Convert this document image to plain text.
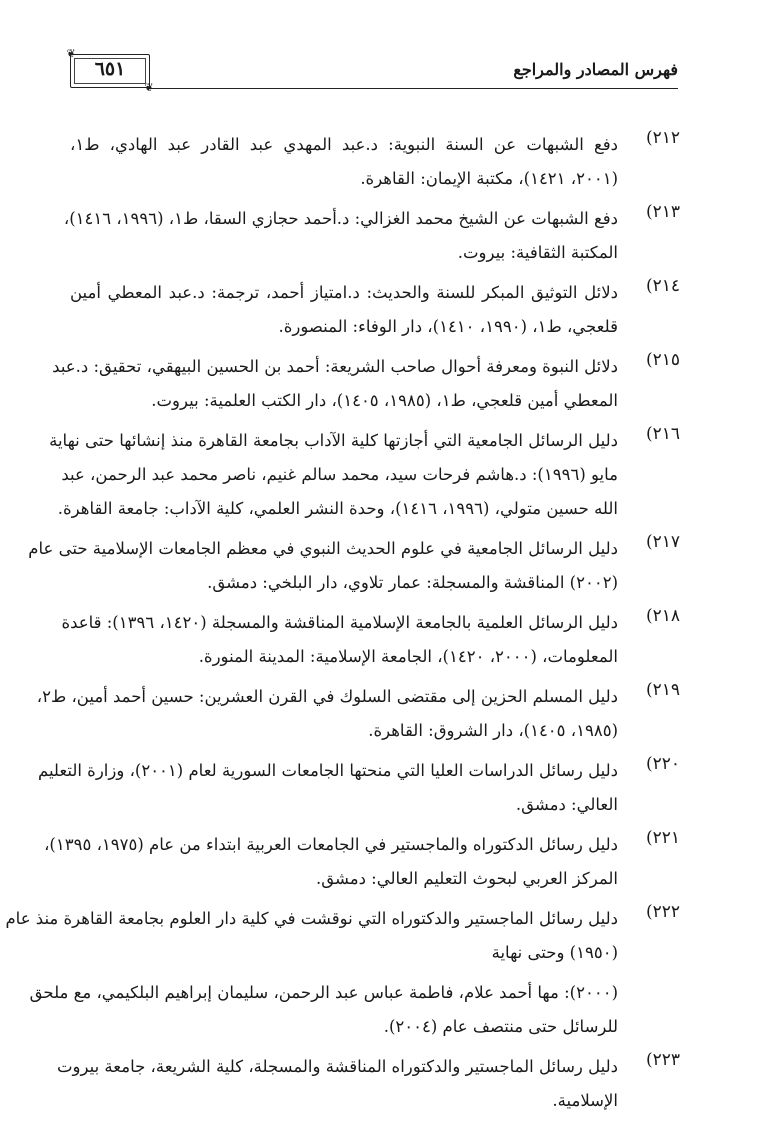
❦
❦
٦٥١	فهرس المصادر والمراجع
٢١٢)
دفع الشبهات عن السنة النبوية: د.عبد المهدي عبد القادر عبد الهادي، ط١،
(٢٠٠١، ١٤٢١)، مكتبة الإيمان: القاهرة.
٢١٣)
دفع الشبهات عن الشيخ محمد الغزالي: د.أحمد حجازي السقا، ط١، (١٩٩٦، ١٤١٦)،
المكتبة الثقافية: بيروت.
٢١٤)
دلائل التوثيق المبكر للسنة والحديث: د.امتياز أحمد، ترجمة: د.عبد المعطي أمين
قلعجي، ط١، (١٩٩٠، ١٤١٠)، دار الوفاء: المنصورة.
٢١٥)
دلائل النبوة ومعرفة أحوال صاحب الشريعة: أحمد بن الحسين البيهقي، تحقيق: د.عبد
المعطي أمين قلعجي، ط١، (١٩٨٥، ١٤٠٥)، دار الكتب العلمية: بيروت.
٢١٦)
دليل الرسائل الجامعية التي أجازتها كلية الآداب بجامعة القاهرة منذ إنشائها حتى نهاية
مايو (١٩٩٦): د.هاشم فرحات سيد، محمد سالم غنيم، ناصر محمد عبد الرحمن، عبد
الله حسين متولي، (١٩٩٦، ١٤١٦)، وحدة النشر العلمي، كلية الآداب: جامعة القاهرة.
٢١٧)
دليل الرسائل الجامعية في علوم الحديث النبوي في معظم الجامعات الإسلامية حتى عام
(٢٠٠٢) المناقشة والمسجلة: عمار تلاوي، دار البلخي: دمشق.
٢١٨)
دليل الرسائل العلمية بالجامعة الإسلامية المناقشة والمسجلة (١٤٢٠، ١٣٩٦): قاعدة
المعلومات، (٢٠٠٠، ١٤٢٠)، الجامعة الإسلامية: المدينة المنورة.
٢١٩)
دليل المسلم الحزين إلى مقتضى السلوك في القرن العشرين: حسين أحمد أمين، ط٢،
(١٩٨٥، ١٤٠٥)، دار الشروق: القاهرة.
٢٢٠)
دليل رسائل الدراسات العليا التي منحتها الجامعات السورية لعام (٢٠٠١)، وزارة التعليم
العالي: دمشق.
٢٢١)
دليل رسائل الدكتوراه والماجستير في الجامعات العربية ابتداء من عام (١٩٧٥، ١٣٩٥)،
المركز العربي لبحوث التعليم العالي: دمشق.
٢٢٢)
دليل رسائل الماجستير والدكتوراه التي نوقشت في كلية دار العلوم بجامعة القاهرة منذ عام
(١٩٥٠) وحتى نهاية
(٢٠٠٠): مها أحمد علام، فاطمة عباس عبد الرحمن، سليمان إبراهيم البلكيمي، مع ملحق
للرسائل حتى منتصف عام (٢٠٠٤).
٢٢٣)
دليل رسائل الماجستير والدكتوراه المناقشة والمسجلة، كلية الشريعة، جامعة بيروت
الإسلامية.
